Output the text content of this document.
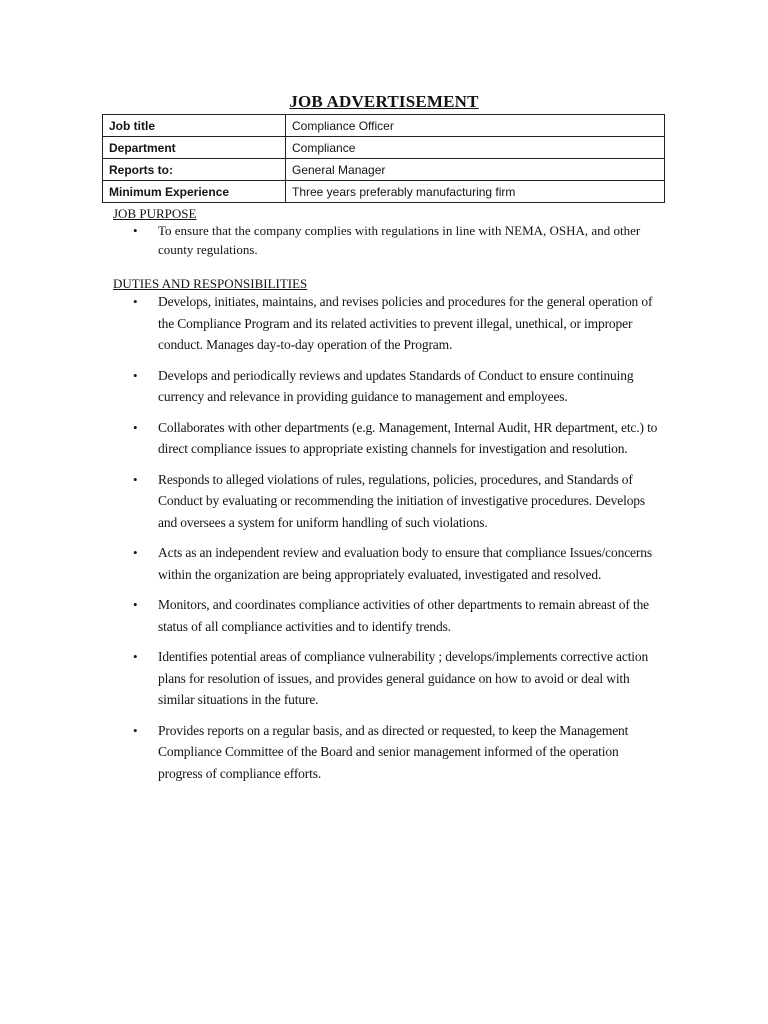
JOB ADVERTISEMENT
Job title	Compliance Officer
Department	Compliance
Reports to:	General Manager
Minimum Experience	Three years preferably manufacturing firm
JOB PURPOSE
• To ensure that the company complies with regulations in line with NEMA, OSHA, and other county regulations.
DUTIES AND RESPONSIBILITIES
• Develops, initiates, maintains, and revises policies and procedures for the general operation of the Compliance Program and its related activities to prevent illegal, unethical, or improper conduct. Manages day-to-day operation of the Program.
• Develops and periodically reviews and updates Standards of Conduct to ensure continuing currency and relevance in providing guidance to management and employees.
• Collaborates with other departments (e.g. Management, Internal Audit, HR department, etc.) to direct compliance issues to appropriate existing channels for investigation and resolution.
• Responds to alleged violations of rules, regulations, policies, procedures, and Standards of Conduct by evaluating or recommending the initiation of investigative procedures. Develops and oversees a system for uniform handling of such violations.
• Acts as an independent review and evaluation body to ensure that compliance Issues/concerns within the organization are being appropriately evaluated, investigated and resolved.
• Monitors, and coordinates compliance activities of other departments to remain abreast of the status of all compliance activities and to identify trends.
• Identifies potential areas of compliance vulnerability ; develops/implements corrective action plans for resolution of issues, and provides general guidance on how to avoid or deal with similar situations in the future.
• Provides reports on a regular basis, and as directed or requested, to keep the Management Compliance Committee of the Board and senior management informed of the operation progress of compliance efforts.
